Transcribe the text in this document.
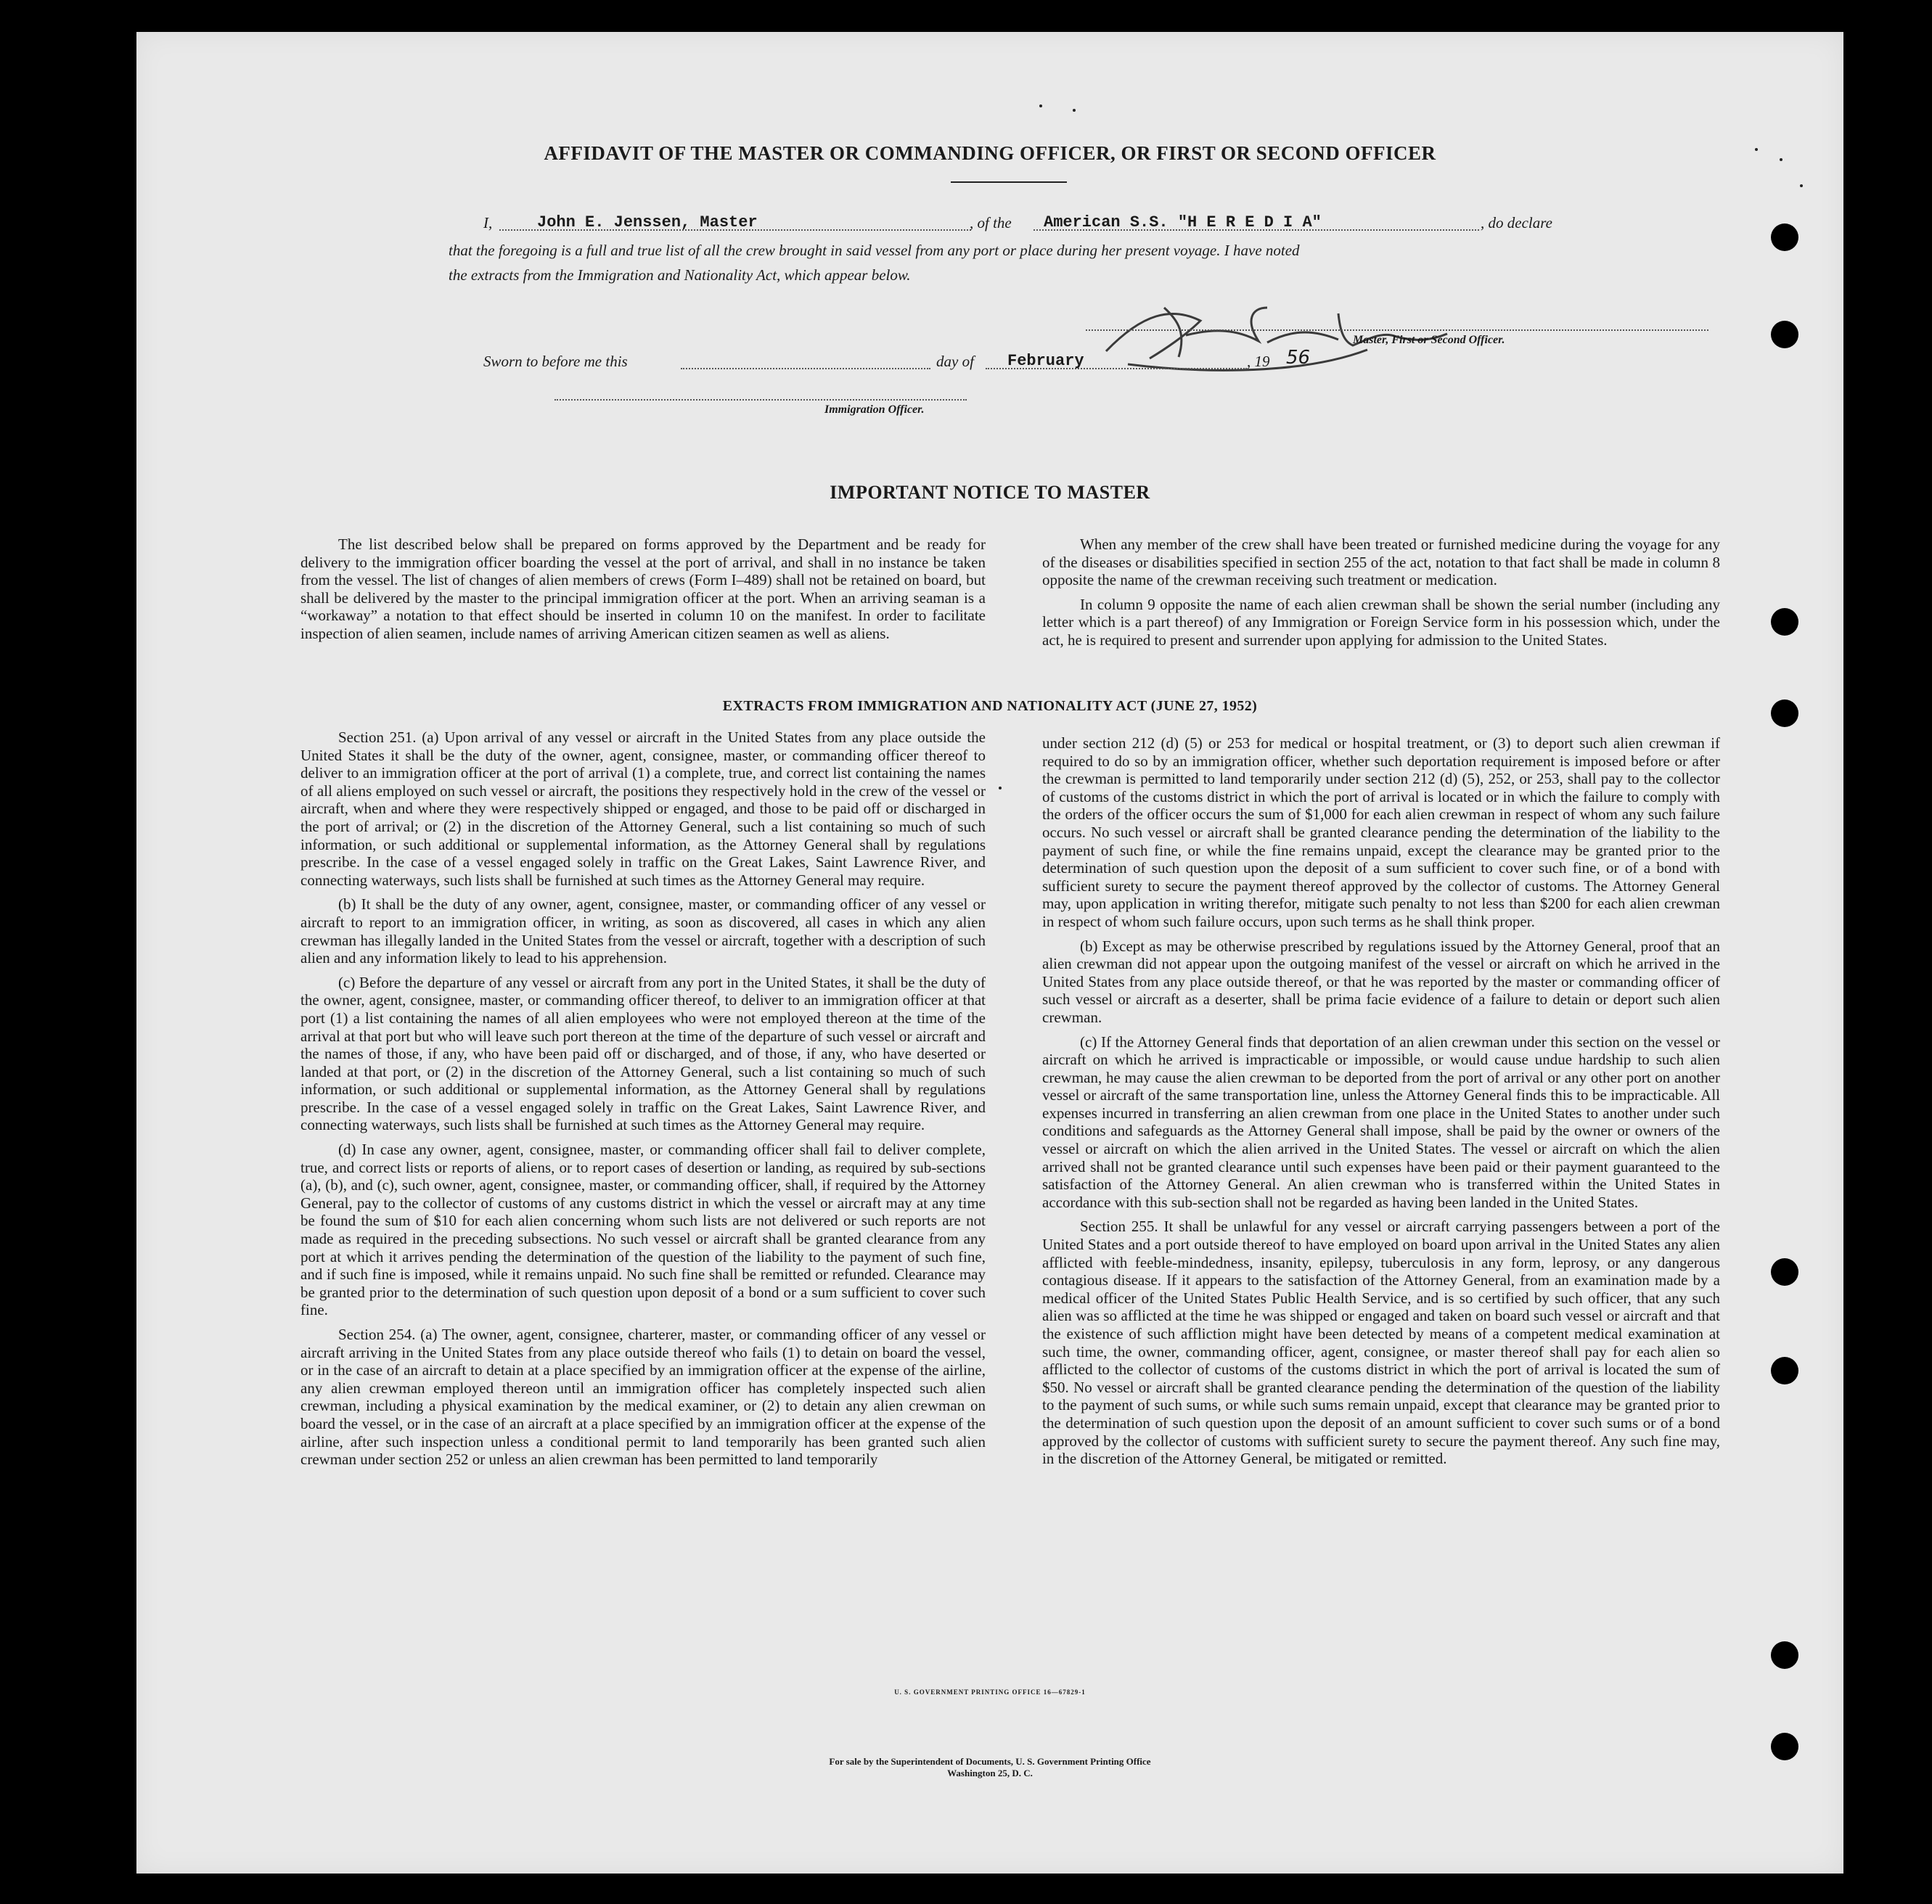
AFFIDAVIT OF THE MASTER OR COMMANDING OFFICER, OR FIRST OR SECOND OFFICER
I,	John E. Jenssen, Master	, of the American S.S. "H E R E D I A"	, do declare
that the foregoing is a full and true list of all the crew brought in said vessel from any port or place during her present voyage. I have noted
the extracts from the Immigration and Nationality Act, which appear below.
Master, First or Second Officer.
Sworn to before me this	day of February	, 19 56
Immigration Officer.
IMPORTANT NOTICE TO MASTER

The list described below shall be prepared on forms approved by the Department and be ready for delivery to the immigration officer boarding the vessel at the port of arrival, and shall in no instance be taken from the vessel. The list of changes of alien members of crews (Form I–489) shall not be retained on board, but shall be delivered by the master to the principal immigration officer at the port. When an arriving seaman is a “workaway” a notation to that effect should be inserted in column 10 on the manifest. In order to facilitate inspection of alien seamen, include names of arriving American citizen seamen as well as aliens.

When any member of the crew shall have been treated or furnished medicine during the voyage for any of the diseases or disabilities specified in section 255 of the act, notation to that fact shall be made in column 8 opposite the name of the crewman receiving such treatment or medication.

In column 9 opposite the name of each alien crewman shall be shown the serial number (including any letter which is a part thereof) of any Immigration or Foreign Service form in his possession which, under the act, he is required to present and surrender upon applying for admission to the United States.

EXTRACTS FROM IMMIGRATION AND NATIONALITY ACT (JUNE 27, 1952)

Section 251. (a) Upon arrival of any vessel or aircraft in the United States from any place outside the United States it shall be the duty of the owner, agent, consignee, master, or commanding officer thereof to deliver to an immigration officer at the port of arrival (1) a complete, true, and correct list containing the names of all aliens employed on such vessel or aircraft, the positions they respectively hold in the crew of the vessel or aircraft, when and where they were respectively shipped or engaged, and those to be paid off or discharged in the port of arrival; or (2) in the discretion of the Attorney General, such a list containing so much of such information, or such additional or supplemental information, as the Attorney General shall by regulations prescribe. In the case of a vessel engaged solely in traffic on the Great Lakes, Saint Lawrence River, and connecting waterways, such lists shall be furnished at such times as the Attorney General may require.

(b) It shall be the duty of any owner, agent, consignee, master, or commanding officer of any vessel or aircraft to report to an immigration officer, in writing, as soon as discovered, all cases in which any alien crewman has illegally landed in the United States from the vessel or aircraft, together with a description of such alien and any information likely to lead to his apprehension.

(c) Before the departure of any vessel or aircraft from any port in the United States, it shall be the duty of the owner, agent, consignee, master, or commanding officer thereof, to deliver to an immigration officer at that port (1) a list containing the names of all alien employees who were not employed thereon at the time of the arrival at that port but who will leave such port thereon at the time of the departure of such vessel or aircraft and the names of those, if any, who have been paid off or discharged, and of those, if any, who have deserted or landed at that port, or (2) in the discretion of the Attorney General, such a list containing so much of such information, or such additional or supplemental information, as the Attorney General shall by regulations prescribe. In the case of a vessel engaged solely in traffic on the Great Lakes, Saint Lawrence River, and connecting waterways, such lists shall be furnished at such times as the Attorney General may require.

(d) In case any owner, agent, consignee, master, or commanding officer shall fail to deliver complete, true, and correct lists or reports of aliens, or to report cases of desertion or landing, as required by sub-sections (a), (b), and (c), such owner, agent, consignee, master, or commanding officer, shall, if required by the Attorney General, pay to the collector of customs of any customs district in which the vessel or aircraft may at any time be found the sum of $10 for each alien concerning whom such lists are not delivered or such reports are not made as required in the preceding subsections. No such vessel or aircraft shall be granted clearance from any port at which it arrives pending the determination of the question of the liability to the payment of such fine, and if such fine is imposed, while it remains unpaid. No such fine shall be remitted or refunded. Clearance may be granted prior to the determination of such question upon deposit of a bond or a sum sufficient to cover such fine.

Section 254. (a) The owner, agent, consignee, charterer, master, or commanding officer of any vessel or aircraft arriving in the United States from any place outside thereof who fails (1) to detain on board the vessel, or in the case of an aircraft to detain at a place specified by an immigration officer at the expense of the airline, any alien crewman employed thereon until an immigration officer has completely inspected such alien crewman, including a physical examination by the medical examiner, or (2) to detain any alien crewman on board the vessel, or in the case of an aircraft at a place specified by an immigration officer at the expense of the airline, after such inspection unless a conditional permit to land temporarily has been granted such alien crewman under section 252 or unless an alien crewman has been permitted to land temporarily

under section 212 (d) (5) or 253 for medical or hospital treatment, or (3) to deport such alien crewman if required to do so by an immigration officer, whether such deportation requirement is imposed before or after the crewman is permitted to land temporarily under section 212 (d) (5), 252, or 253, shall pay to the collector of customs of the customs district in which the port of arrival is located or in which the failure to comply with the orders of the officer occurs the sum of $1,000 for each alien crewman in respect of whom any such failure occurs. No such vessel or aircraft shall be granted clearance pending the determination of the liability to the payment of such fine, or while the fine remains unpaid, except the clearance may be granted prior to the determination of such question upon the deposit of a sum sufficient to cover such fine, or of a bond with sufficient surety to secure the payment thereof approved by the collector of customs. The Attorney General may, upon application in writing therefor, mitigate such penalty to not less than $200 for each alien crewman in respect of whom such failure occurs, upon such terms as he shall think proper.

(b) Except as may be otherwise prescribed by regulations issued by the Attorney General, proof that an alien crewman did not appear upon the outgoing manifest of the vessel or aircraft on which he arrived in the United States from any place outside thereof, or that he was reported by the master or commanding officer of such vessel or aircraft as a deserter, shall be prima facie evidence of a failure to detain or deport such alien crewman.

(c) If the Attorney General finds that deportation of an alien crewman under this section on the vessel or aircraft on which he arrived is impracticable or impossible, or would cause undue hardship to such alien crewman, he may cause the alien crewman to be deported from the port of arrival or any other port on another vessel or aircraft of the same transportation line, unless the Attorney General finds this to be impracticable. All expenses incurred in transferring an alien crewman from one place in the United States to another under such conditions and safeguards as the Attorney General shall impose, shall be paid by the owner or owners of the vessel or aircraft on which the alien arrived in the United States. The vessel or aircraft on which the alien arrived shall not be granted clearance until such expenses have been paid or their payment guaranteed to the satisfaction of the Attorney General. An alien crewman who is transferred within the United States in accordance with this sub-section shall not be regarded as having been landed in the United States.

Section 255. It shall be unlawful for any vessel or aircraft carrying passengers between a port of the United States and a port outside thereof to have employed on board upon arrival in the United States any alien afflicted with feeble-mindedness, insanity, epilepsy, tuberculosis in any form, leprosy, or any dangerous contagious disease. If it appears to the satisfaction of the Attorney General, from an examination made by a medical officer of the United States Public Health Service, and is so certified by such officer, that any such alien was so afflicted at the time he was shipped or engaged and taken on board such vessel or aircraft and that the existence of such affliction might have been detected by means of a competent medical examination at such time, the owner, commanding officer, agent, consignee, or master thereof shall pay for each alien so afflicted to the collector of customs of the customs district in which the port of arrival is located the sum of $50. No vessel or aircraft shall be granted clearance pending the determination of the question of the liability to the payment of such sums, or while such sums remain unpaid, except that clearance may be granted prior to the determination of such question upon the deposit of an amount sufficient to cover such sums or of a bond approved by the collector of customs with sufficient surety to secure the payment thereof. Any such fine may, in the discretion of the Attorney General, be mitigated or remitted.

U. S. GOVERNMENT PRINTING OFFICE 16—67829-1
For sale by the Superintendent of Documents, U. S. Government Printing Office
Washington 25, D. C.
